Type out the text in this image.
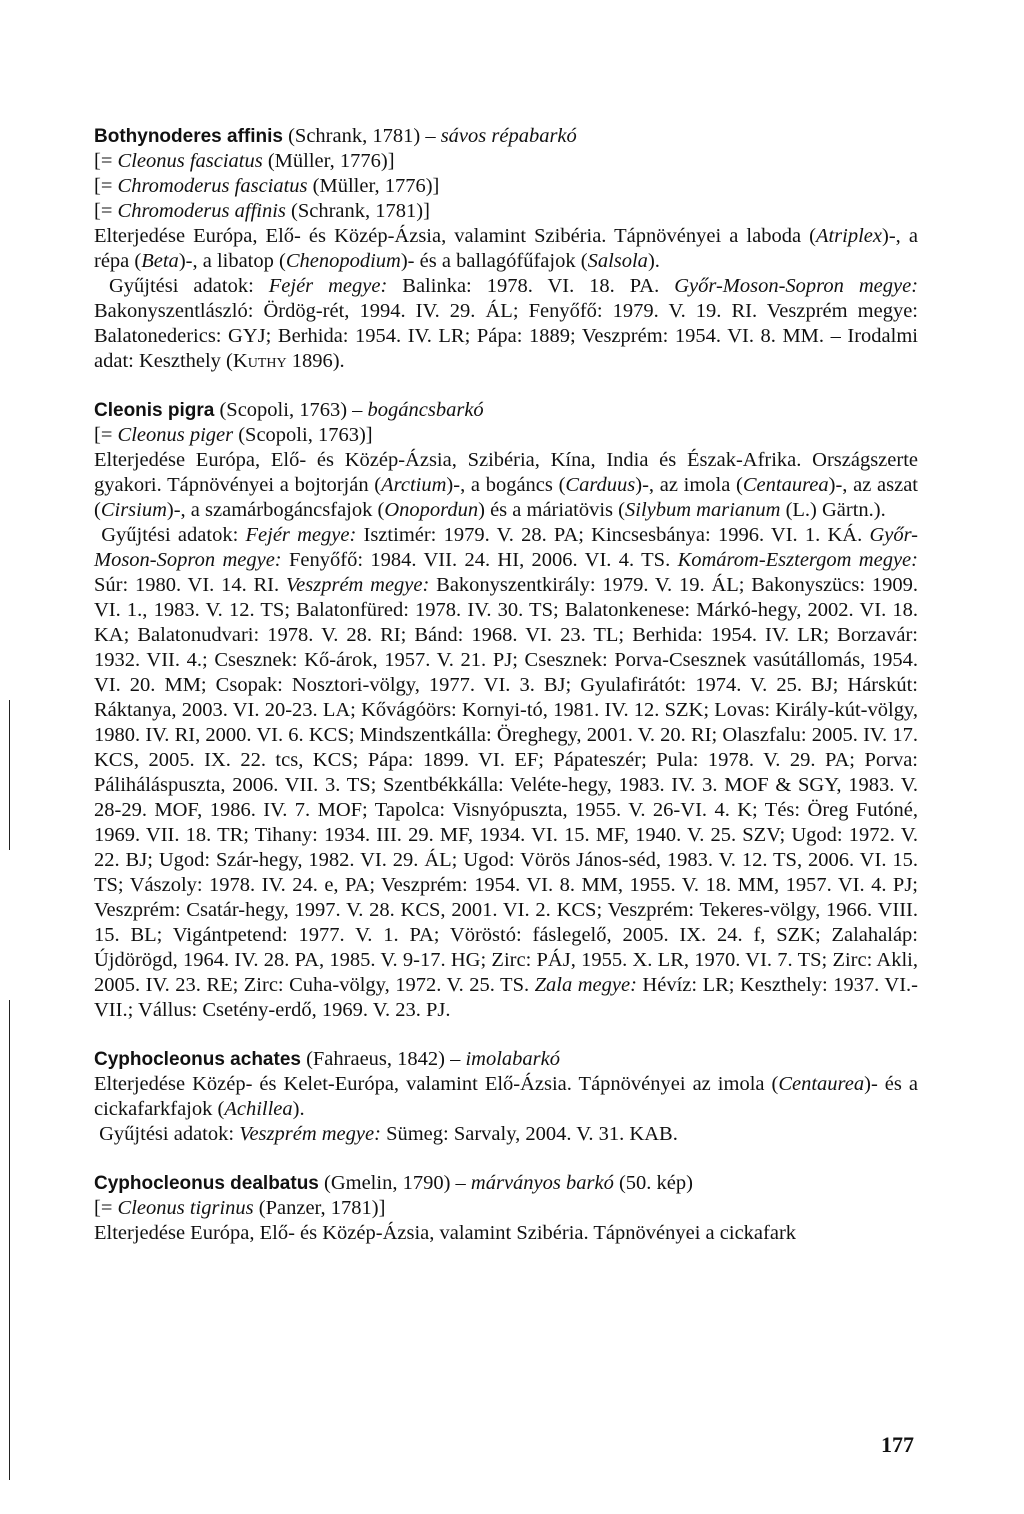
Bothynoderes affinis (Schrank, 1781) – sávos répabarkó

[= Cleonus fasciatus (Müller, 1776)]

[= Chromoderus fasciatus (Müller, 1776)]

[= Chromoderus affinis (Schrank, 1781)]

Elterjedése Európa, Elő- és Közép-Ázsia, valamint Szibéria. Tápnövényei a laboda (Atriplex)-, a répa (Beta)-, a libatop (Chenopodium)- és a ballagófűfajok (Salsola).

Gyűjtési adatok: Fejér megye: Balinka: 1978. VI. 18. PA. Győr-Moson-Sopron megye: Bakonyszentlászló: Ördög-rét, 1994. IV. 29. ÁL; Fenyőfő: 1979. V. 19. RI. Veszprém megye: Balatonederics: GYJ; Berhida: 1954. IV. LR; Pápa: 1889; Veszprém: 1954. VI. 8. MM. – Irodalmi adat: Keszthely (Kuthy 1896).

Cleonis pigra (Scopoli, 1763) – bogáncsbarkó

[= Cleonus piger (Scopoli, 1763)]

Elterjedése Európa, Elő- és Közép-Ázsia, Szibéria, Kína, India és Észak-Afrika. Országszerte gyakori. Tápnövényei a bojtorján (Arctium)-, a bogáncs (Carduus)-, az imola (Centaurea)-, az aszat (Cirsium)-, a szamárbogáncsfajok (Onopordun) és a máriatövis (Silybum marianum (L.) Gärtn.).

Gyűjtési adatok: Fejér megye: Isztimér: 1979. V. 28. PA; Kincsesbánya: 1996. VI. 1. KÁ. Győr-Moson-Sopron megye: Fenyőfő: 1984. VII. 24. HI, 2006. VI. 4. TS. Komárom-Esztergom megye: Súr: 1980. VI. 14. RI. Veszprém megye: Bakonyszentkirály: 1979. V. 19. ÁL; Bakonyszücs: 1909. VI. 1., 1983. V. 12. TS; Balatonfüred: 1978. IV. 30. TS; Balatonkenese: Márkó-hegy, 2002. VI. 18. KA; Balatonudvari: 1978. V. 28. RI; Bánd: 1968. VI. 23. TL; Berhida: 1954. IV. LR; Borzavár: 1932. VII. 4.; Csesznek: Kő-árok, 1957. V. 21. PJ; Csesznek: Porva-Csesznek vasútállomás, 1954. VI. 20. MM; Csopak: Nosztori-völgy, 1977. VI. 3. BJ; Gyulafirátót: 1974. V. 25. BJ; Hárskút: Ráktanya, 2003. VI. 20-23. LA; Kővágóörs: Kornyi-tó, 1981. IV. 12. SZK; Lovas: Király-kút-völgy, 1980. IV. RI, 2000. VI. 6. KCS; Mindszentkálla: Öreghegy, 2001. V. 20. RI; Olaszfalu: 2005. IV. 17. KCS, 2005. IX. 22. tcs, KCS; Pápa: 1899. VI. EF; Pápateszér; Pula: 1978. V. 29. PA; Porva: Páliháláspuszta, 2006. VII. 3. TS; Szentbékkálla: Veléte-hegy, 1983. IV. 3. MOF & SGY, 1983. V. 28-29. MOF, 1986. IV. 7. MOF; Tapolca: Visnyópuszta, 1955. V. 26-VI. 4. K; Tés: Öreg Futóné, 1969. VII. 18. TR; Tihany: 1934. III. 29. MF, 1934. VI. 15. MF, 1940. V. 25. SZV; Ugod: 1972. V. 22. BJ; Ugod: Szár-hegy, 1982. VI. 29. ÁL; Ugod: Vörös János-séd, 1983. V. 12. TS, 2006. VI. 15. TS; Vászoly: 1978. IV. 24. e, PA; Veszprém: 1954. VI. 8. MM, 1955. V. 18. MM, 1957. VI. 4. PJ; Veszprém: Csatár-hegy, 1997. V. 28. KCS, 2001. VI. 2. KCS; Veszprém: Tekeres-völgy, 1966. VIII. 15. BL; Vigántpetend: 1977. V. 1. PA; Vöröstó: fáslegelő, 2005. IX. 24. f, SZK; Zalahaláp: Újdörögd, 1964. IV. 28. PA, 1985. V. 9-17. HG; Zirc: PÁJ, 1955. X. LR, 1970. VI. 7. TS; Zirc: Akli, 2005. IV. 23. RE; Zirc: Cuha-völgy, 1972. V. 25. TS. Zala megye: Hévíz: LR; Keszthely: 1937. VI.-VII.; Vállus: Csetény-erdő, 1969. V. 23. PJ.

Cyphocleonus achates (Fahraeus, 1842) – imolabarkó

Elterjedése Közép- és Kelet-Európa, valamint Elő-Ázsia. Tápnövényei az imola (Centaurea)- és a cickafarkfajok (Achillea).

Gyűjtési adatok: Veszprém megye: Sümeg: Sarvaly, 2004. V. 31. KAB.

Cyphocleonus dealbatus (Gmelin, 1790) – márványos barkó (50. kép)

[= Cleonus tigrinus (Panzer, 1781)]

Elterjedése Európa, Elő- és Közép-Ázsia, valamint Szibéria. Tápnövényei a cickafark

177
